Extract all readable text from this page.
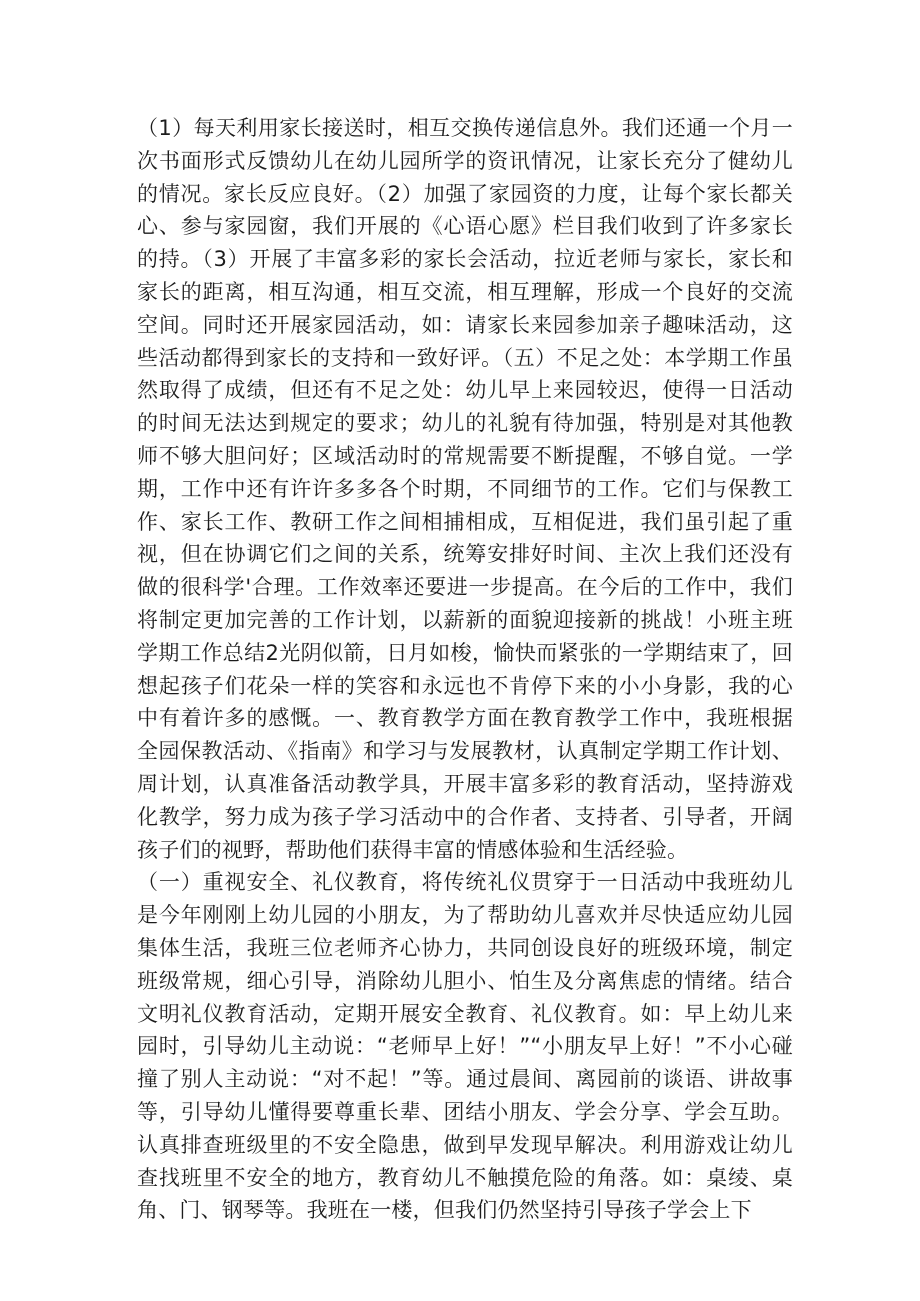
（1）每天利用家长接送时，相互交换传递信息外。我们还通一个月一次书面形式反馈幼儿在幼儿园所学的资讯情况，让家长充分了健幼儿的情况。家长反应良好。（2）加强了家园资的力度，让每个家长都关心、参与家园窗，我们开展的《心语心愿》栏目我们收到了许多家长的持。（3）开展了丰富多彩的家长会活动，拉近老师与家长，家长和家长的距离，相互沟通，相互交流，相互理解，形成一个良好的交流空间。同时还开展家园活动，如：请家长来园参加亲子趣味活动，这些活动都得到家长的支持和一致好评。（五）不足之处：本学期工作虽然取得了成绩，但还有不足之处：幼儿早上来园较迟，使得一日活动的时间无法达到规定的要求；幼儿的礼貌有待加强，特别是对其他教师不够大胆问好；区域活动时的常规需要不断提醒，不够自觉。一学期，工作中还有许许多多各个时期，不同细节的工作。它们与保教工作、家长工作、教研工作之间相捕相成，互相促进，我们虽引起了重视，但在协调它们之间的关系，统筹安排好时间、主次上我们还没有做的很科学'合理。工作效率还要进一步提高。在今后的工作中，我们将制定更加完善的工作计划，以薪新的面貌迎接新的挑战！小班主班学期工作总结2光阴似箭，日月如梭，愉快而紧张的一学期结束了，回想起孩子们花朵一样的笑容和永远也不肯停下来的小小身影，我的心中有着许多的感慨。一、教育教学方面在教育教学工作中，我班根据全园保教活动、《指南》和学习与发展教材，认真制定学期工作计划、周计划，认真准备活动教学具，开展丰富多彩的教育活动，坚持游戏化教学，努力成为孩子学习活动中的合作者、支持者、引导者，开阔孩子们的视野，帮助他们获得丰富的情感体验和生活经验。

（一）重视安全、礼仪教育，将传统礼仪贯穿于一日活动中我班幼儿是今年刚刚上幼儿园的小朋友，为了帮助幼儿喜欢并尽快适应幼儿园集体生活，我班三位老师齐心协力，共同创设良好的班级环境，制定班级常规，细心引导，消除幼儿胆小、怕生及分离焦虑的情绪。结合文明礼仪教育活动，定期开展安全教育、礼仪教育。如：早上幼儿来园时，引导幼儿主动说：“老师早上好！”“小朋友早上好！”不小心碰撞了别人主动说：“对不起！”等。通过晨间、离园前的谈语、讲故事等，引导幼儿懂得要尊重长辈、团结小朋友、学会分享、学会互助。认真排查班级里的不安全隐患，做到早发现早解决。利用游戏让幼儿查找班里不安全的地方，教育幼儿不触摸危险的角落。如：桌绫、桌角、门、钢琴等。我班在一楼，但我们仍然坚持引导孩子学会上下
